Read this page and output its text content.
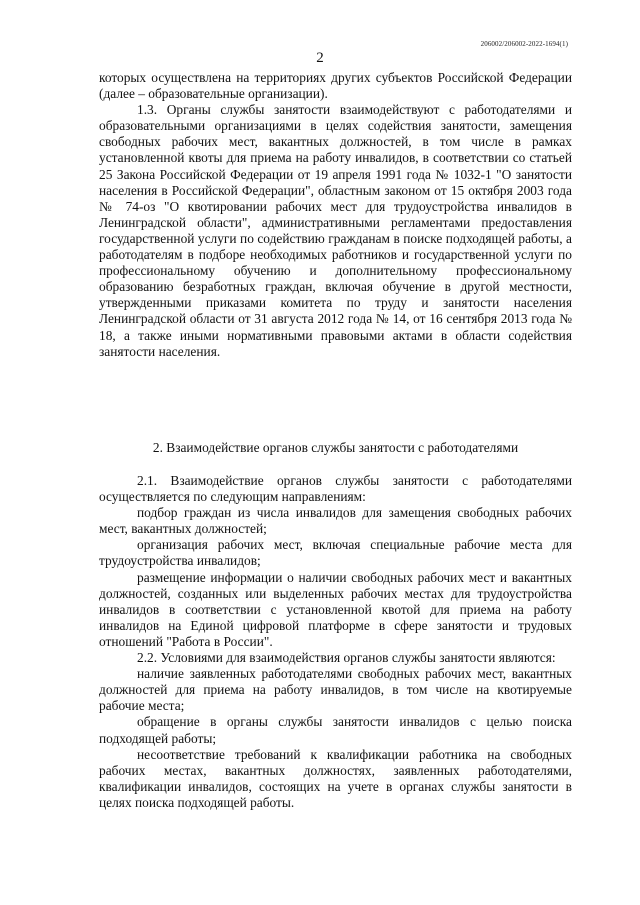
206002/206002-2022-1694(1)
2

которых осуществлена на территориях других субъектов Российской Федерации (далее – образовательные организации).

1.3. Органы службы занятости взаимодействуют с работодателями и образовательными организациями в целях содействия занятости, замещения свободных рабочих мест, вакантных должностей, в том числе в рамках установленной квоты для приема на работу инвалидов, в соответствии со статьей 25 Закона Российской Федерации от 19 апреля 1991 года № 1032-1 "О занятости населения в Российской Федерации", областным законом от 15 октября 2003 года № 74-оз "О квотировании рабочих мест для трудоустройства инвалидов в Ленинградской области", административными регламентами предоставления государственной услуги по содействию гражданам в поиске подходящей работы, а работодателям в подборе необходимых работников и государственной услуги по профессиональному обучению и дополнительному профессиональному образованию безработных граждан, включая обучение в другой местности, утвержденными приказами комитета по труду и занятости населения Ленинградской области от 31 августа 2012 года № 14, от 16 сентября 2013 года № 18, а также иными нормативными правовыми актами в области содействия занятости населения.

2. Взаимодействие органов службы занятости с работодателями

2.1. Взаимодействие органов службы занятости с работодателями осуществляется по следующим направлениям:

подбор граждан из числа инвалидов для замещения свободных рабочих мест, вакантных должностей;

организация рабочих мест, включая специальные рабочие места для трудоустройства инвалидов;

размещение информации о наличии свободных рабочих мест и вакантных должностей, созданных или выделенных рабочих местах для трудоустройства инвалидов в соответствии с установленной квотой для приема на работу инвалидов на Единой цифровой платформе в сфере занятости и трудовых отношений "Работа в России".

2.2. Условиями для взаимодействия органов службы занятости являются:

наличие заявленных работодателями свободных рабочих мест, вакантных должностей для приема на работу инвалидов, в том числе на квотируемые рабочие места;

обращение в органы службы занятости инвалидов с целью поиска подходящей работы;

несоответствие требований к квалификации работника на свободных рабочих местах, вакантных должностях, заявленных работодателями, квалификации инвалидов, состоящих на учете в органах службы занятости в целях поиска подходящей работы.
